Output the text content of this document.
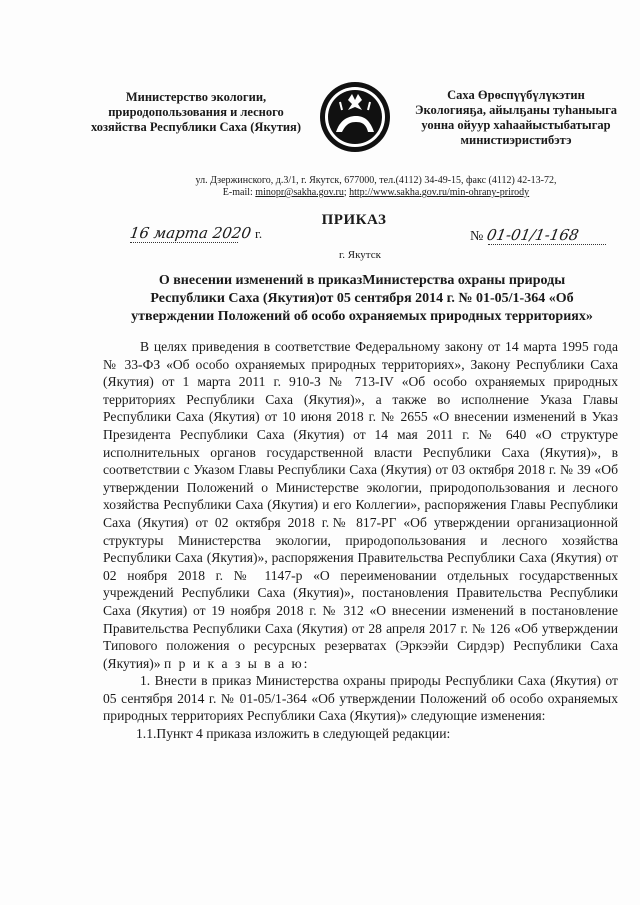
Министерство экологии,
природопользования и лесного
хозяйства Республики Саха (Якутия)
Саха Өрөспүүбүлүкэтин
Экологияҕа, айылҕаны туһаныыга
уонна ойуур хаһаайыстыбатыгар
министиэристибэтэ
ул. Дзержинского, д.3/1, г. Якутск, 677000, тел.(4112) 34-49-15, факс (4112) 42-13-72,
E-mail: minopr@sakha.gov.ru; http://www.sakha.gov.ru/min-ohrany-prirody
ПРИКАЗ
16 марта 2020 г.
г. Якутск
№ 01-01/1-168
О внесении изменений в приказМинистерства охраны природы Республики Саха (Якутия)от 05 сентября 2014 г. № 01-05/1-364 «Об утверждении Положений об особо охраняемых природных территориях»

В целях приведения в соответствие Федеральному закону от 14 марта 1995 года № 33-ФЗ «Об особо охраняемых природных территориях», Закону Республики Саха (Якутия) от 1 марта 2011 г. 910-З № 713-IV «Об особо охраняемых природных территориях Республики Саха (Якутия)», а также во исполнение Указа Главы Республики Саха (Якутия) от 10 июня 2018 г. № 2655 «О внесении изменений в Указ Президента Республики Саха (Якутия) от 14 мая 2011 г. № 640 «О структуре исполнительных органов государственной власти Республики Саха (Якутия)», в соответствии с Указом Главы Республики Саха (Якутия) от 03 октября 2018 г. № 39 «Об утверждении Положений о Министерстве экологии, природопользования и лесного хозяйства Республики Саха (Якутия) и его Коллегии», распоряжения Главы Республики Саха (Якутия) от 02 октября 2018 г.№ 817-РГ «Об утверждении организационной структуры Министерства экологии, природопользования и лесного хозяйства Республики Саха (Якутия)», распоряжения Правительства Республики Саха (Якутия) от 02 ноября 2018 г. № 1147-р «О переименовании отдельных государственных учреждений Республики Саха (Якутия)», постановления Правительства Республики Саха (Якутия) от 19 ноября 2018 г. № 312 «О внесении изменений в постановление Правительства Республики Саха (Якутия) от 28 апреля 2017 г. № 126 «Об утверждении Типового положения о ресурсных резерватах (Эркээйи Сирдэр) Республики Саха (Якутия)» п р и к а з ы в а ю:

1. Внести в приказ Министерства охраны природы Республики Саха (Якутия) от 05 сентября 2014 г. № 01-05/1-364 «Об утверждении Положений об особо охраняемых природных территориях Республики Саха (Якутия)» следующие изменения:

1.1.Пункт 4 приказа изложить в следующей редакции:
